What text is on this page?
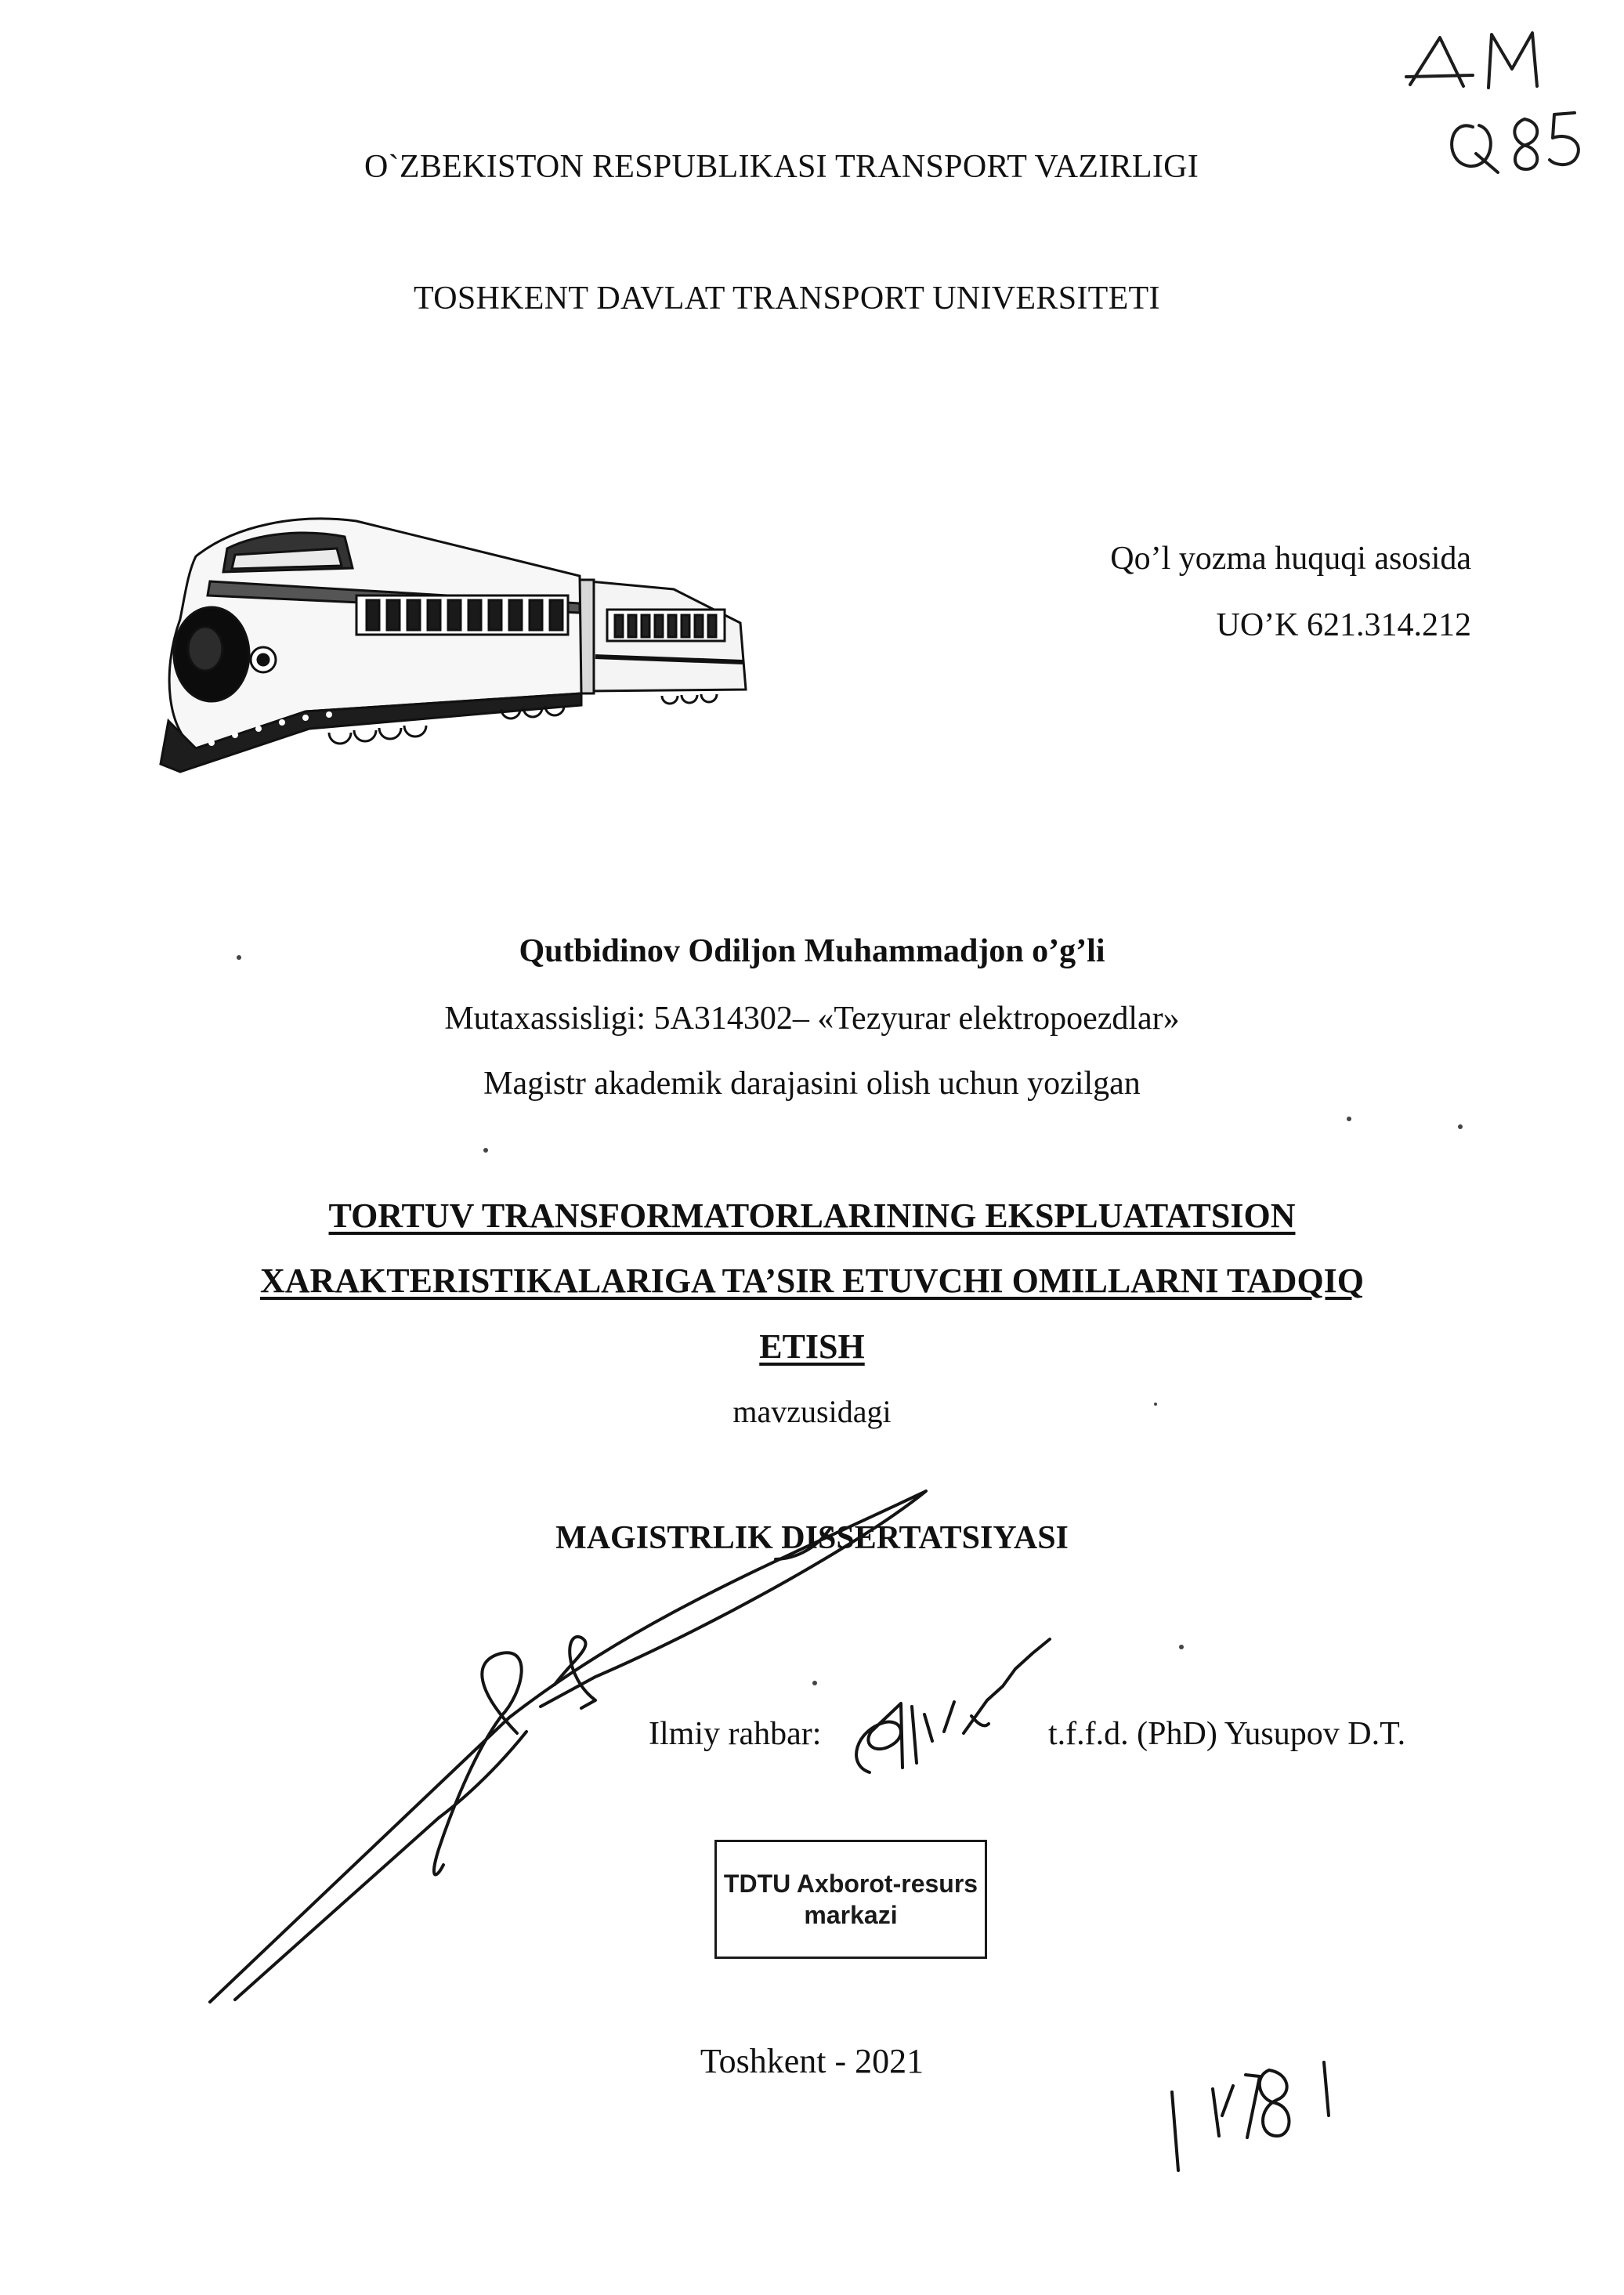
O`ZBEKISTON RESPUBLIKASI TRANSPORT VAZIRLIGI
TOSHKENT DAVLAT TRANSPORT UNIVERSITETI
Qo’l yozma huquqi asosida
UO’K 621.314.212
Qutbidinov Odiljon Muhammadjon o’g’li
Mutaxassisligi: 5A314302– «Tezyurar elektropoezdlar»
Magistr akademik darajasini olish uchun yozilgan
TORTUV TRANSFORMATORLARINING EKSPLUATATSION
XARAKTERISTIKALARIGA TA’SIR ETUVCHI OMILLARNI TADQIQ
ETISH
mavzusidagi
MAGISTRLIK DISSERTATSIYASI
Ilmiy rahbar:	t.f.f.d. (PhD) Yusupov D.T.
TDTU Axborot-resurs
markazi
Toshkent - 2021
